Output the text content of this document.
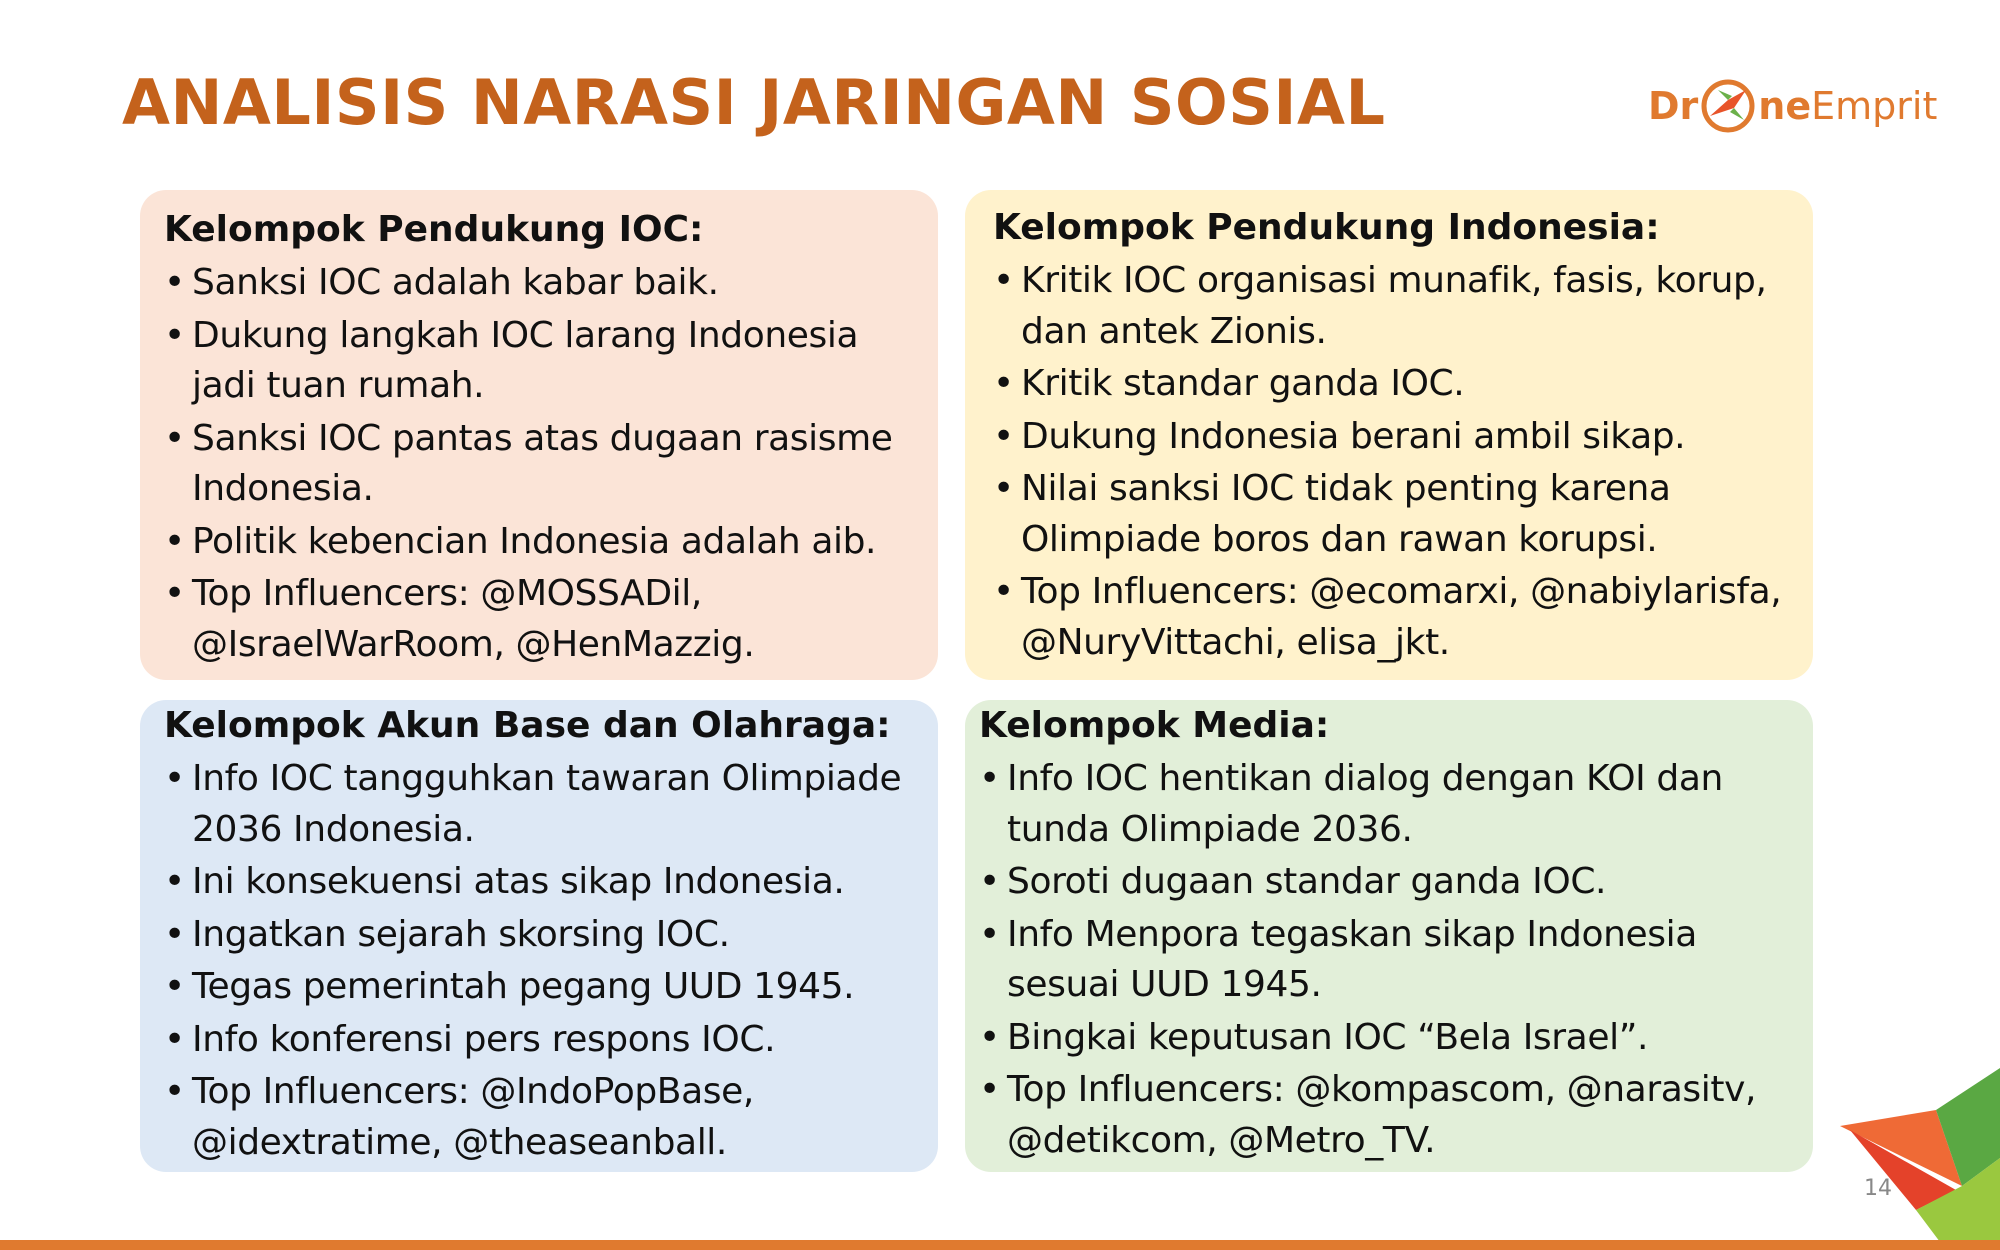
ANALISIS NARASI JARINGAN SOSIAL	Dr ne Emprit
Kelompok Pendukung IOC:
• Sanksi IOC adalah kabar baik.
• Dukung langkah IOC larang Indonesia jadi tuan rumah.
• Sanksi IOC pantas atas dugaan rasisme Indonesia.
• Politik kebencian Indonesia adalah aib.
• Top Influencers: @MOSSADil, @IsraelWarRoom, @HenMazzig.
Kelompok Pendukung Indonesia:
• Kritik IOC organisasi munafik, fasis, korup, dan antek Zionis.
• Kritik standar ganda IOC.
• Dukung Indonesia berani ambil sikap.
• Nilai sanksi IOC tidak penting karena Olimpiade boros dan rawan korupsi.
• Top Influencers: @ecomarxi, @nabiylarisfa, @NuryVittachi, elisa_jkt.
Kelompok Akun Base dan Olahraga:
• Info IOC tangguhkan tawaran Olimpiade 2036 Indonesia.
• Ini konsekuensi atas sikap Indonesia.
• Ingatkan sejarah skorsing IOC.
• Tegas pemerintah pegang UUD 1945.
• Info konferensi pers respons IOC.
• Top Influencers: @IndoPopBase, @idextratime, @theaseanball.
Kelompok Media:
• Info IOC hentikan dialog dengan KOI dan tunda Olimpiade 2036.
• Soroti dugaan standar ganda IOC.
• Info Menpora tegaskan sikap Indonesia sesuai UUD 1945.
• Bingkai keputusan IOC “Bela Israel”.
• Top Influencers: @kompascom, @narasitv, @detikcom, @Metro_TV.
14
